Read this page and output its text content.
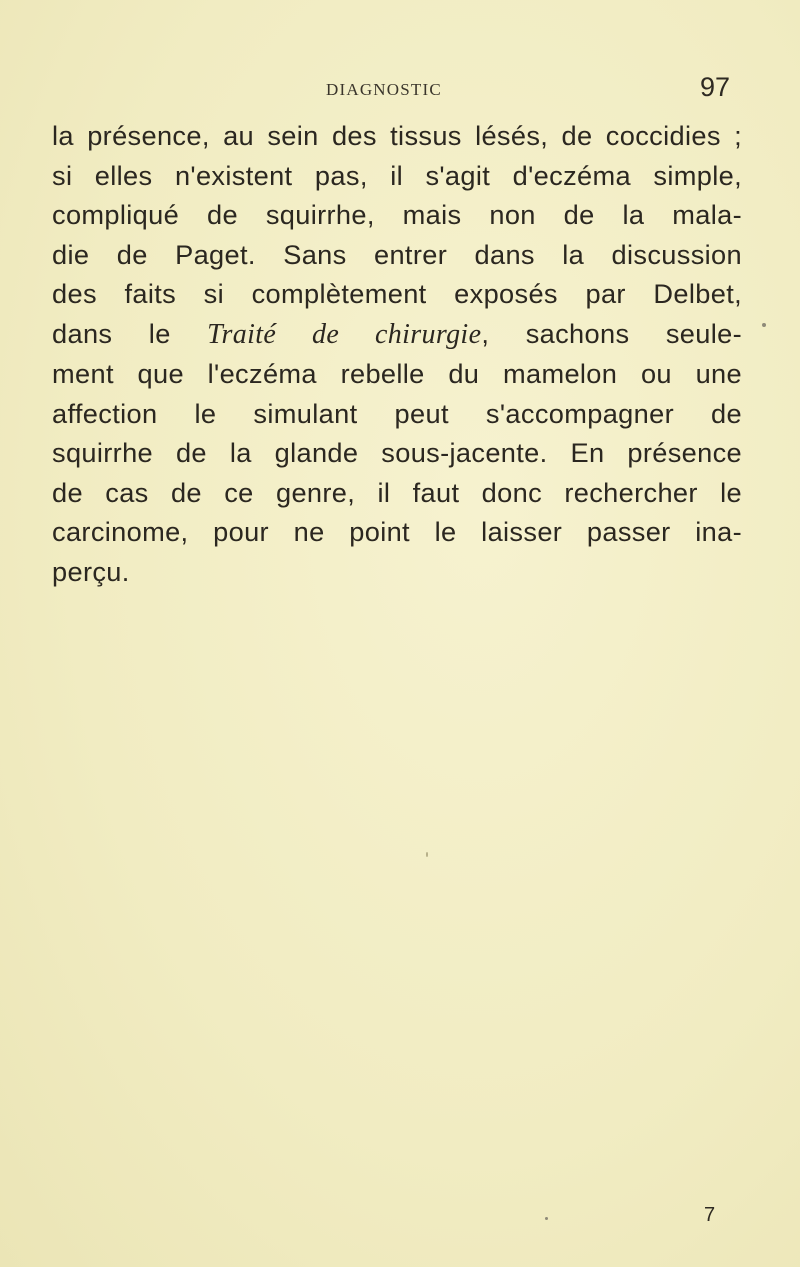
DIAGNOSTIC	97
la présence, au sein des tissus lésés, de coccidies ;
si elles n'existent pas, il s'agit d'eczéma simple,
compliqué de squirrhe, mais non de la mala-
die de Paget. Sans entrer dans la discussion
des faits si complètement exposés par Delbet,
dans le Traité de chirurgie, sachons seule-
ment que l'eczéma rebelle du mamelon ou une
affection le simulant peut s'accompagner de
squirrhe de la glande sous-jacente. En présence
de cas de ce genre, il faut donc rechercher le
carcinome, pour ne point le laisser passer ina-
perçu.
7
